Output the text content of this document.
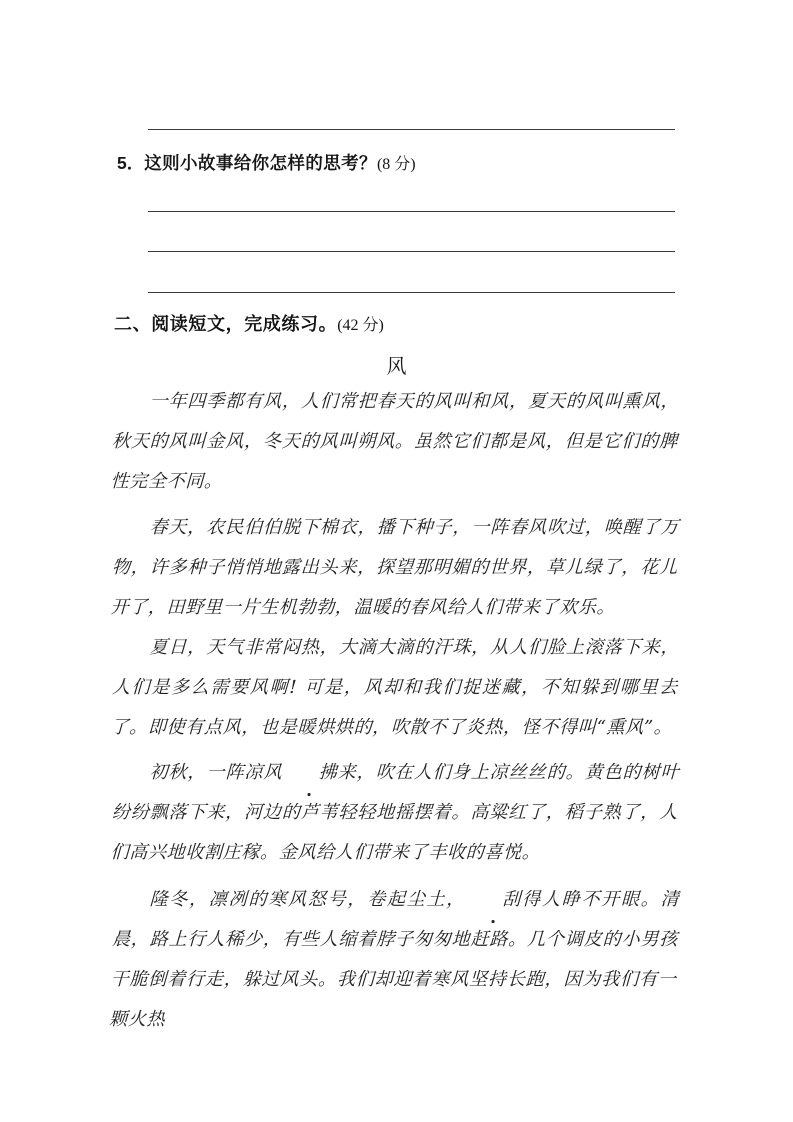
5．这则小故事给你怎样的思考？(8 分)
二、阅读短文，完成练习。(42 分)
风
一年四季都有风，人们常把春天的风叫和风，夏天的风叫熏风，秋天的风叫金风，冬天的风叫朔风。虽然它们都是风，但是它们的脾性完全不同。
春天，农民伯伯脱下棉衣，播下种子，一阵春风吹过，唤醒了万物，许多种子悄悄地露出头来，探望那明媚的世界，草儿绿了，花儿开了，田野里一片生机勃勃，温暖的春风给人们带来了欢乐。
夏日，天气非常闷热，大滴大滴的汗珠，从人们脸上滚落下来，人们是多么需要风啊! 可是，风却和我们捉迷藏，不知躲到哪里去了。即使有点风，也是暖烘烘的，吹散不了炎热，怪不得叫“熏风”。
初秋，一阵凉风 拂来，吹在人们身上凉丝丝的。黄色的树叶纷纷飘落下来，河边的芦苇轻轻地摇摆着。高粱红了，稻子熟了，人们高兴地收割庄稼。金风给人们带来了丰收的喜悦。
隆冬，凛冽的寒风怒号，卷起尘土， 刮得人睁不开眼。清晨，路上行人稀少，有些人缩着脖子匆匆地赶路。几个调皮的小男孩干脆倒着行走，躲过风头。我们却迎着寒风坚持长跑，因为我们有一颗火热
